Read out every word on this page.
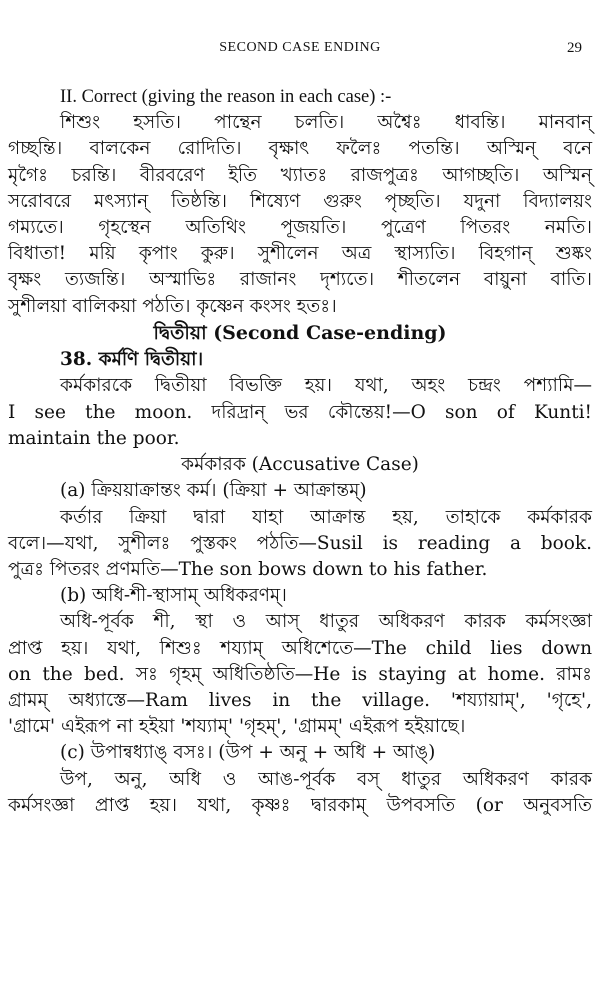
SECOND CASE ENDING	29

II. Correct (giving the reason in each case) :-

শিশুং হসতি। পান্থেন চলতি। অশ্বৈঃ ধাবন্তি। মানবান্

গচ্ছন্তি। বালকেন রোদিতি। বৃক্ষাৎ ফলৈঃ পতন্তি। অস্মিন্ বনে

মৃগৈঃ চরন্তি। বীরবরেণ ইতি খ্যাতঃ রাজপুত্রঃ আগচ্ছতি। অস্মিন্

সরোবরে মৎস্যান্ তিষ্ঠন্তি। শিষ্যেণ গুরুং পৃচ্ছতি। যদুনা বিদ্যালয়ং

গম্যতে। গৃহস্থেন অতিথিং পূজয়তি। পুত্রেণ পিতরং নমতি।

বিধাতা! ময়ি কৃপাং কুরু। সুশীলেন অত্র স্থাস্যতি। বিহগান্ শুষ্কং

বৃক্ষং ত্যজন্তি। অস্মাভিঃ রাজানং দৃশ্যতে। শীতলেন বায়ুনা বাতি।

সুশীলয়া বালিকয়া পঠতি। কৃষ্ণেন কংসং হতঃ।

দ্বিতীয়া (Second Case-ending)

38. কর্মণি দ্বিতীয়া।

কর্মকারকে দ্বিতীয়া বিভক্তি হয়। যথা, অহং চন্দ্রং পশ্যামি—

I see the moon. দরিদ্রান্ ভর কৌন্তেয়!—O son of Kunti!

maintain the poor.

কর্মকারক (Accusative Case)

(a) ক্রিয়য়াক্রান্তং কর্ম। (ক্রিয়া + আক্রান্তম্)

কর্তার ক্রিয়া দ্বারা যাহা আক্রান্ত হয়, তাহাকে কর্মকারক

বলে।—যথা, সুশীলঃ পুস্তকং পঠতি—Susil is reading a book.

পুত্রঃ পিতরং প্রণমতি—The son bows down to his father.

(b) অধি-শী-স্থাসাম্ অধিকরণম্।

অধি-পূর্বক শী, স্থা ও আস্ ধাতুর অধিকরণ কারক কর্মসংজ্ঞা

প্রাপ্ত হয়। যথা, শিশুঃ শয্যাম্ অধিশেতে—The child lies down

on the bed. সঃ গৃহম্ অধিতিষ্ঠতি—He is staying at home. রামঃ

গ্রামম্ অধ্যাস্তে—Ram lives in the village. 'শয্যায়াম্', 'গৃহে',

'গ্রামে' এইরূপ না হইয়া 'শয্যাম্' 'গৃহম্', 'গ্রামম্' এইরূপ হইয়াছে।

(c) উপান্বধ্যাঙ্ বসঃ। (উপ + অনু + অধি + আঙ্)

উপ, অনু, অধি ও আঙ-পূর্বক বস্ ধাতুর অধিকরণ কারক

কর্মসংজ্ঞা প্রাপ্ত হয়। যথা, কৃষ্ণঃ দ্বারকাম্ উপবসতি (or অনুবসতি
